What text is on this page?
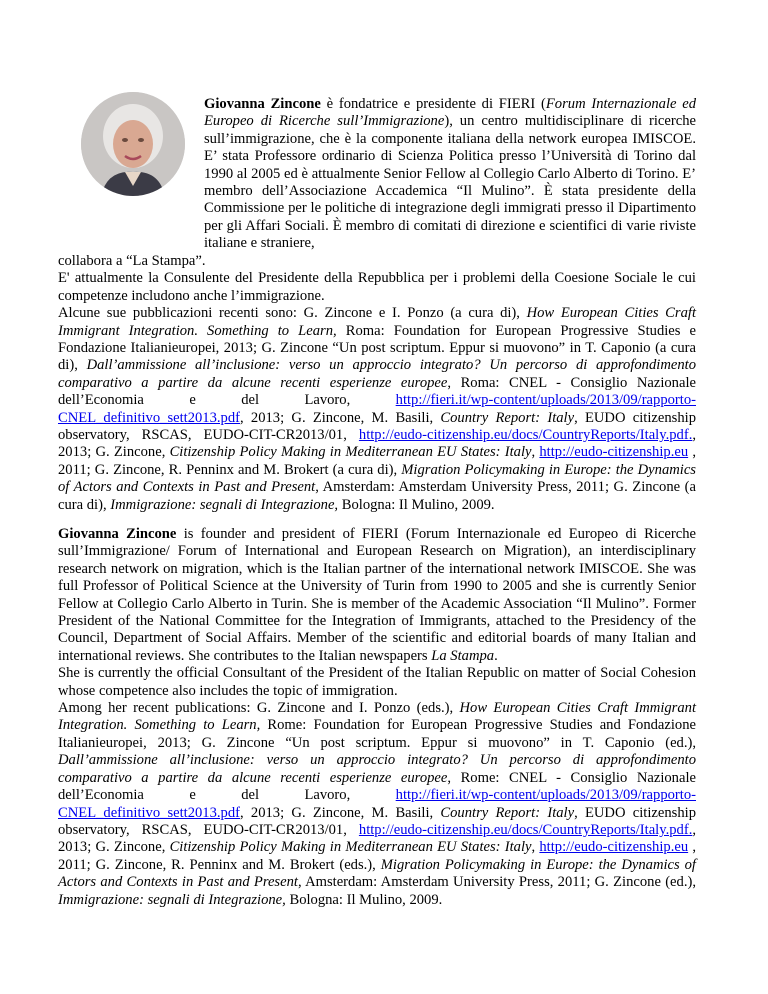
Giovanna Zincone è fondatrice e presidente di FIERI (Forum Internazionale ed Europeo di Ricerche sull’Immigrazione), un centro multidisciplinare di ricerche sull’immigrazione, che è la componente italiana della network europea IMISCOE. E’ stata Professore ordinario di Scienza Politica presso l’Università di Torino dal 1990 al 2005 ed è attualmente Senior Fellow al Collegio Carlo Alberto di Torino. E’ membro dell’Associazione Accademica “Il Mulino”. È stata presidente della Commissione per le politiche di integrazione degli immigrati presso il Dipartimento per gli Affari Sociali. È membro di comitati di direzione e scientifici di varie riviste italiane e straniere,

collabora a “La Stampa”.

E' attualmente la Consulente del Presidente della Repubblica per i problemi della Coesione Sociale le cui competenze includono anche l’immigrazione.

Alcune sue pubblicazioni recenti sono: G. Zincone e I. Ponzo (a cura di), How European Cities Craft Immigrant Integration. Something to Learn, Roma: Foundation for European Progressive Studies e Fondazione Italianieuropei, 2013; G. Zincone “Un post scriptum. Eppur si muovono” in T. Caponio (a cura di), Dall’ammissione all’inclusione: verso un approccio integrato? Un percorso di approfondimento comparativo a partire da alcune recenti esperienze europee, Roma: CNEL - Consiglio Nazionale dell’Economia e del Lavoro, http://fieri.it/wp-content/uploads/2013/09/rapporto-CNEL_definitivo_sett2013.pdf, 2013; G. Zincone, M. Basili, Country Report: Italy, EUDO citizenship observatory, RSCAS, EUDO-CIT-CR2013/01, http://eudo-citizenship.eu/docs/CountryReports/Italy.pdf., 2013; G. Zincone, Citizenship Policy Making in Mediterranean EU States: Italy, http://eudo-citizenship.eu , 2011; G. Zincone, R. Penninx and M. Brokert (a cura di), Migration Policymaking in Europe: the Dynamics of Actors and Contexts in Past and Present, Amsterdam: Amsterdam University Press, 2011; G. Zincone (a cura di), Immigrazione: segnali di Integrazione, Bologna: Il Mulino, 2009.

Giovanna Zincone is founder and president of FIERI (Forum Internazionale ed Europeo di Ricerche sull’Immigrazione/ Forum of International and European Research on Migration), an interdisciplinary research network on migration, which is the Italian partner of the international network IMISCOE. She was full Professor of Political Science at the University of Turin from 1990 to 2005 and she is currently Senior Fellow at Collegio Carlo Alberto in Turin. She is member of the Academic Association “Il Mulino”. Former President of the National Committee for the Integration of Immigrants, attached to the Presidency of the Council, Department of Social Affairs. Member of the scientific and editorial boards of many Italian and international reviews. She contributes to the Italian newspapers La Stampa.

She is currently the official Consultant of the President of the Italian Republic on matter of Social Cohesion whose competence also includes the topic of immigration.

Among her recent publications: G. Zincone and I. Ponzo (eds.), How European Cities Craft Immigrant Integration. Something to Learn, Rome: Foundation for European Progressive Studies and Fondazione Italianieuropei, 2013; G. Zincone “Un post scriptum. Eppur si muovono” in T. Caponio (ed.), Dall’ammissione all’inclusione: verso un approccio integrato? Un percorso di approfondimento comparativo a partire da alcune recenti esperienze europee, Rome: CNEL - Consiglio Nazionale dell’Economia e del Lavoro, http://fieri.it/wp-content/uploads/2013/09/rapporto-CNEL_definitivo_sett2013.pdf, 2013; G. Zincone, M. Basili, Country Report: Italy, EUDO citizenship observatory, RSCAS, EUDO-CIT-CR2013/01, http://eudo-citizenship.eu/docs/CountryReports/Italy.pdf., 2013; G. Zincone, Citizenship Policy Making in Mediterranean EU States: Italy, http://eudo-citizenship.eu , 2011; G. Zincone, R. Penninx and M. Brokert (eds.), Migration Policymaking in Europe: the Dynamics of Actors and Contexts in Past and Present, Amsterdam: Amsterdam University Press, 2011; G. Zincone (ed.), Immigrazione: segnali di Integrazione, Bologna: Il Mulino, 2009.
